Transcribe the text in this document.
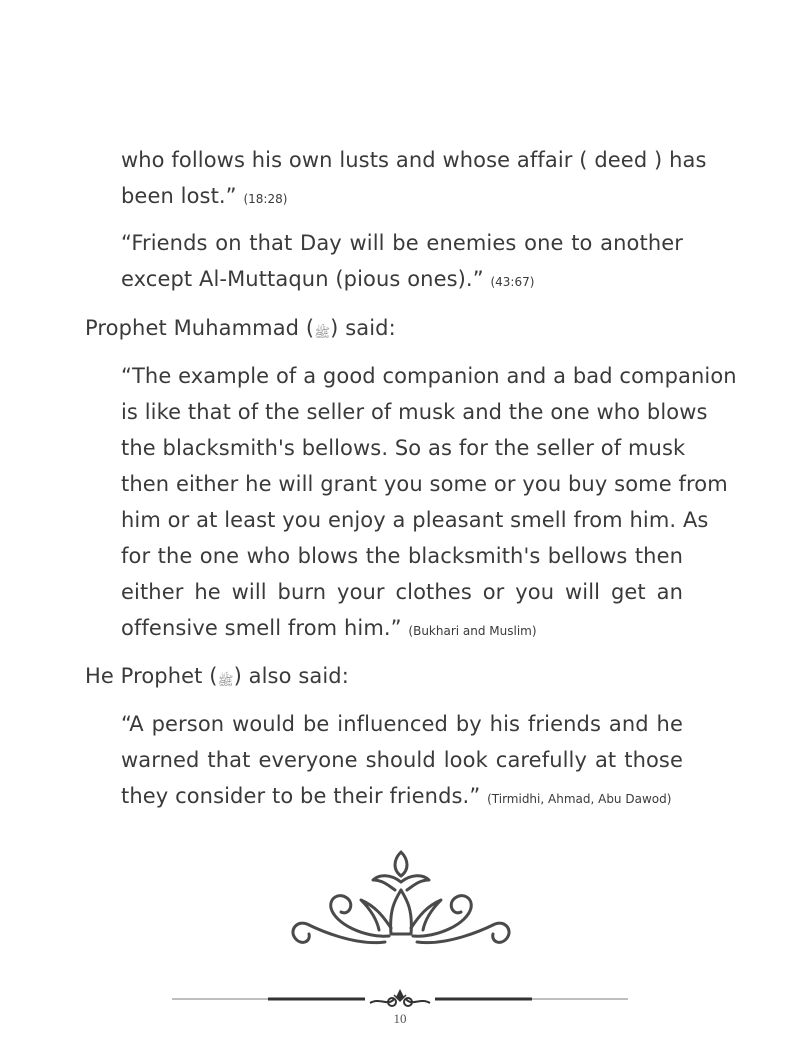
who follows his own lusts and whose affair ( deed ) has
been lost.” (18:28)
“Friends on that Day will be enemies one to another
except Al-Muttaqun (pious ones).” (43:67)
Prophet Muhammad (ﷺ) said:
“The example of a good companion and a bad companion
is like that of the seller of musk and the one who blows
the blacksmith's bellows. So as for the seller of musk
then either he will grant you some or you buy some from
him or at least you enjoy a pleasant smell from him. As
for the one who blows the blacksmith's bellows then
either he will burn your clothes or you will get an
offensive smell from him.” (Bukhari and Muslim)
He Prophet (ﷺ) also said:
“A person would be influenced by his friends and he
warned that everyone should look carefully at those
they consider to be their friends.” (Tirmidhi, Ahmad, Abu Dawod)
10
